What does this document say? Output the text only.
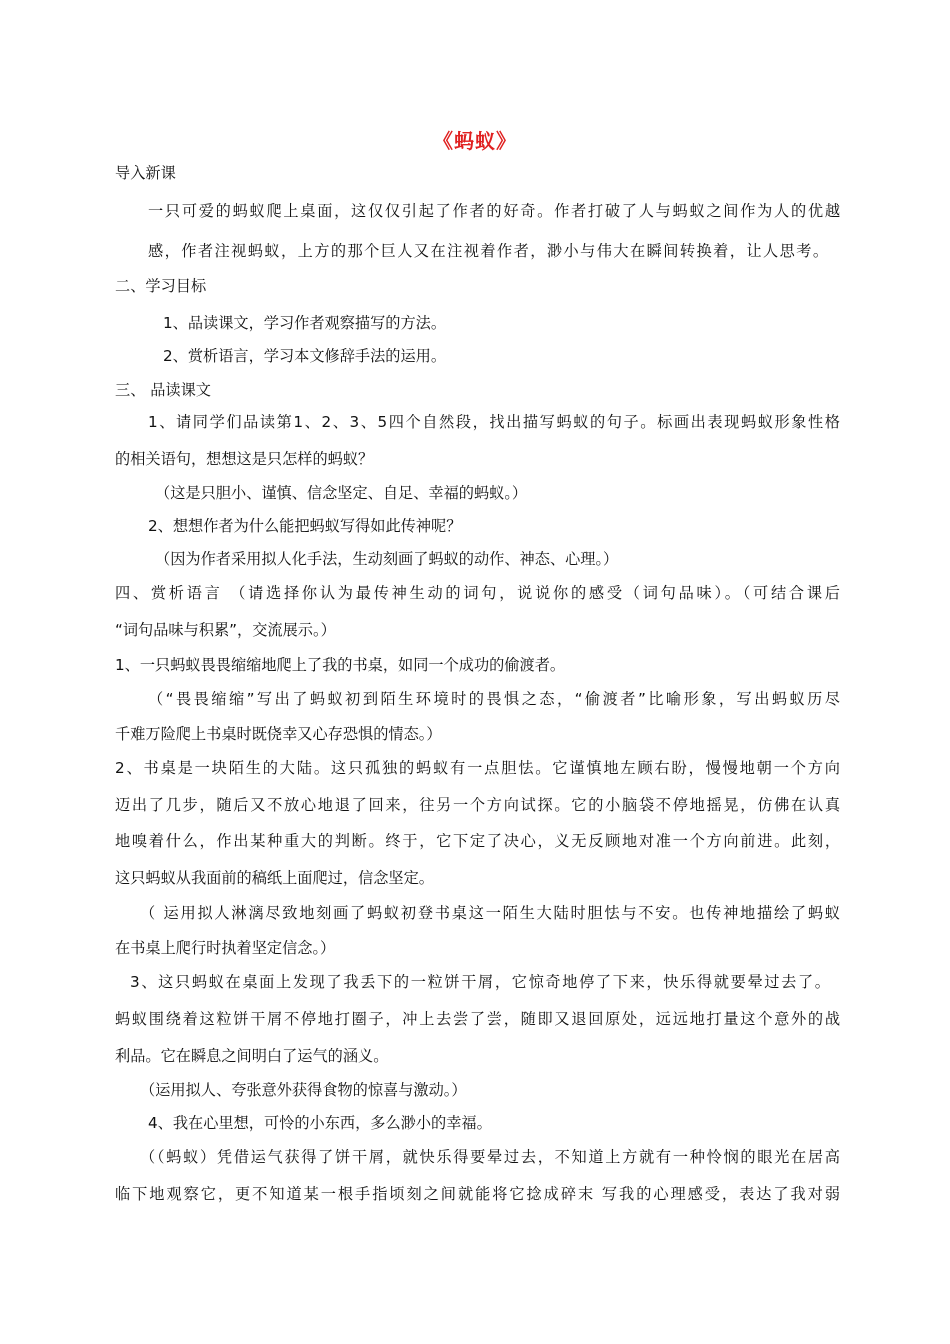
《蚂蚁》
导入新课
一只可爱的蚂蚁爬上桌面，这仅仅引起了作者的好奇。作者打破了人与蚂蚁之间作为人的优越
感，作者注视蚂蚁，上方的那个巨人又在注视着作者，渺小与伟大在瞬间转换着，让人思考。
二、学习目标
1、品读课文，学习作者观察描写的方法。
2、赏析语言，学习本文修辞手法的运用。
三、 品读课文
1、请同学们品读第1、2、3、5四个自然段，找出描写蚂蚁的句子。标画出表现蚂蚁形象性格
的相关语句，想想这是只怎样的蚂蚁？
（这是只胆小、谨慎、信念坚定、自足、幸福的蚂蚁。）
2、想想作者为什么能把蚂蚁写得如此传神呢？
（因为作者采用拟人化手法，生动刻画了蚂蚁的动作、神态、心理。）
四、赏析语言 （请选择你认为最传神生动的词句，说说你的感受（词句品味）。（可结合课后
“词句品味与积累”，交流展示。）
1、一只蚂蚁畏畏缩缩地爬上了我的书桌，如同一个成功的偷渡者。
（“畏畏缩缩”写出了蚂蚁初到陌生环境时的畏惧之态，“偷渡者”比喻形象，写出蚂蚁历尽
千难万险爬上书桌时既侥幸又心存恐惧的情态。）
2、书桌是一块陌生的大陆。这只孤独的蚂蚁有一点胆怯。它谨慎地左顾右盼，慢慢地朝一个方向
迈出了几步，随后又不放心地退了回来，往另一个方向试探。它的小脑袋不停地摇晃，仿佛在认真
地嗅着什么，作出某种重大的判断。终于，它下定了决心，义无反顾地对准一个方向前进。此刻，
这只蚂蚁从我面前的稿纸上面爬过，信念坚定。
（ 运用拟人淋漓尽致地刻画了蚂蚁初登书桌这一陌生大陆时胆怯与不安。也传神地描绘了蚂蚁
在书桌上爬行时执着坚定信念。）
3、这只蚂蚁在桌面上发现了我丢下的一粒饼干屑，它惊奇地停了下来，快乐得就要晕过去了。
蚂蚁围绕着这粒饼干屑不停地打圈子，冲上去尝了尝，随即又退回原处，远远地打量这个意外的战
利品。它在瞬息之间明白了运气的涵义。
（运用拟人、夸张意外获得食物的惊喜与激动。）
4、我在心里想，可怜的小东西，多么渺小的幸福。
（（蚂蚁）凭借运气获得了饼干屑，就快乐得要晕过去，不知道上方就有一种怜悯的眼光在居高
临下地观察它，更不知道某一根手指顷刻之间就能将它捻成碎末 写我的心理感受，表达了我对弱
